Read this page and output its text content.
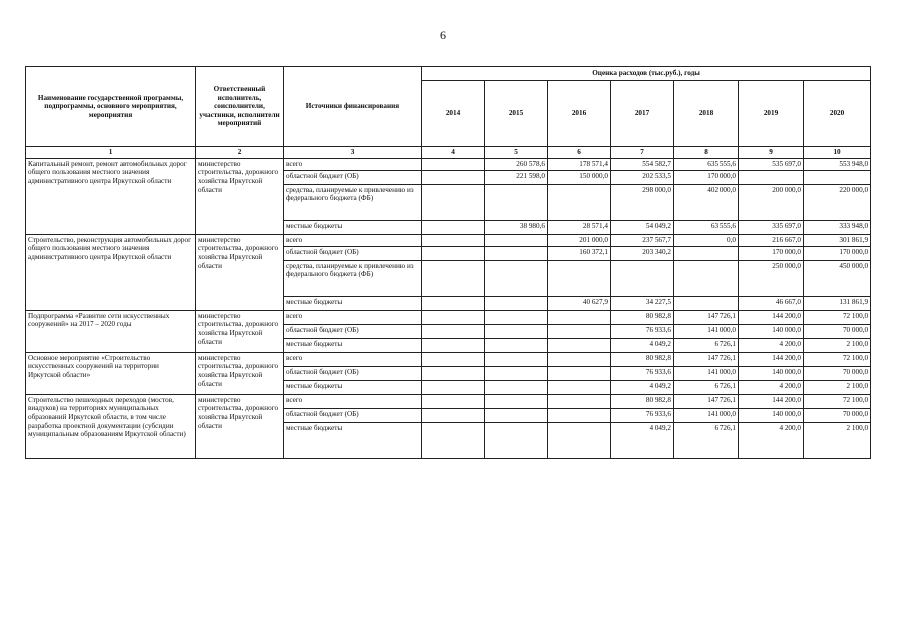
6
Наименование государственной программы, подпрограммы, основного мероприятия, мероприятия	Ответственный исполнитель, соисполнители, участники, исполнители мероприятий	Источники финансирования	Оценка расходов (тыс.руб.), годы						
			2014	2015	2016	2017	2018	2019	2020
1	2	3	4	5	6	7	8	9	10
Капитальный ремонт, ремонт автомобильных дорог общего пользования местного значения административного центра Иркутской области	министерство строительства, дорожного хозяйства Иркутской области	всего		260 578,6	178 571,4	554 582,7	635 555,6	535 697,0	553 948,0
		областной бюджет (ОБ)		221 598,0	150 000,0	202 533,5	170 000,0		
		средства, планируемые к привлечению из федерального бюджета (ФБ)				298 000,0	402 000,0	200 000,0	220 000,0
		местные бюджеты		38 980,6	28 571,4	54 049,2	63 555,6	335 697,0	333 948,0
Строительство, реконструкция автомобильных дорог общего пользования местного значения административного центра Иркутской области	министерство строительства, дорожного хозяйства Иркутской области	всего			201 000,0	237 567,7	0,0	216 667,0	301 861,9
		областной бюджет (ОБ)			160 372,1	203 340,2		170 000,0	170 000,0
		средства, планируемые к привлечению из федерального бюджета (ФБ)						250 000,0	450 000,0
		местные бюджеты			40 627,9	34 227,5		46 667,0	131 861,9
Подпрограмма «Развитие сети искусственных сооружений» на 2017 – 2020 годы	министерство строительства, дорожного хозяйства Иркутской области	всего				80 982,8	147 726,1	144 200,0	72 100,0
		областной бюджет (ОБ)				76 933,6	141 000,0	140 000,0	70 000,0
		местные бюджеты				4 049,2	6 726,1	4 200,0	2 100,0
Основное мероприятие «Строительство искусственных сооружений на территории Иркутской области»	министерство строительства, дорожного хозяйства Иркутской области	всего				80 982,8	147 726,1	144 200,0	72 100,0
		областной бюджет (ОБ)				76 933,6	141 000,0	140 000,0	70 000,0
		местные бюджеты				4 049,2	6 726,1	4 200,0	2 100,0
Строительство пешеходных переходов (мостов, виадуков) на территориях муниципальных образований Иркутской области, в том числе разработка проектной документации (субсидии муниципальным образованиям Иркутской области)	министерство строительства, дорожного хозяйства Иркутской области	всего				80 982,8	147 726,1	144 200,0	72 100,0
		областной бюджет (ОБ)				76 933,6	141 000,0	140 000,0	70 000,0
		местные бюджеты				4 049,2	6 726,1	4 200,0	2 100,0
